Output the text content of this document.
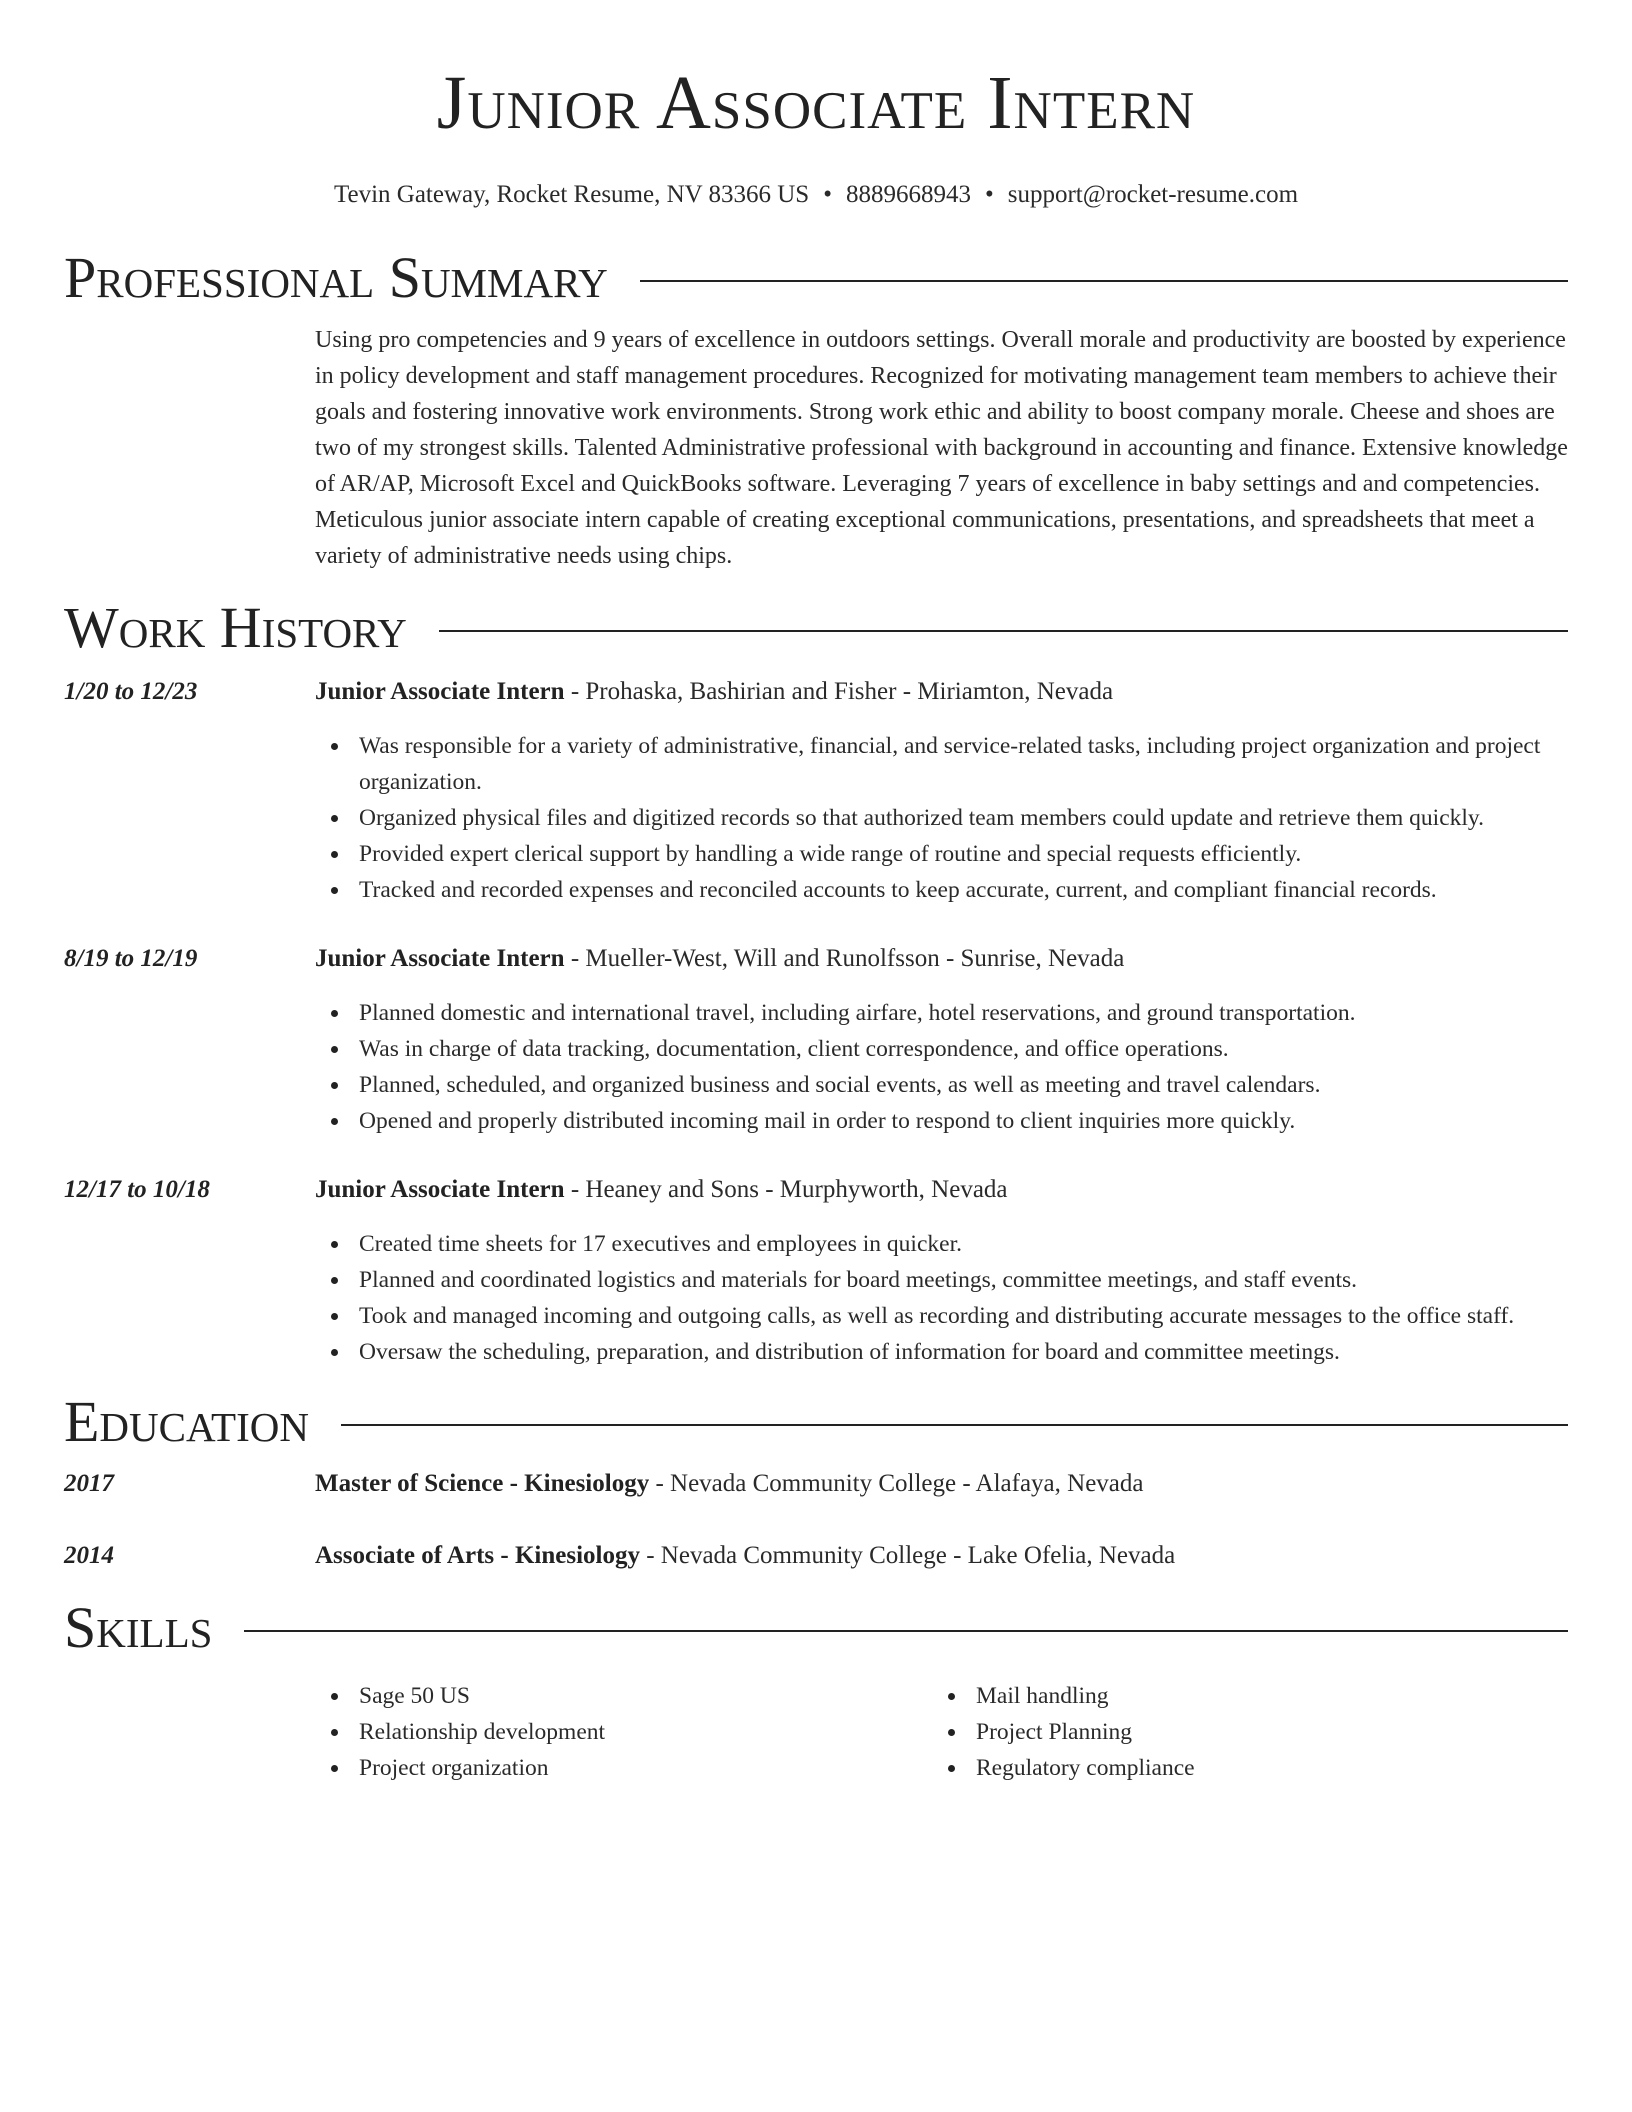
Junior Associate Intern
Tevin Gateway, Rocket Resume, NV 83366 US • 8889668943 • support@rocket-resume.com
Professional Summary
Using pro competencies and 9 years of excellence in outdoors settings. Overall morale and productivity are boosted by experience in policy development and staff management procedures. Recognized for motivating management team members to achieve their goals and fostering innovative work environments. Strong work ethic and ability to boost company morale. Cheese and shoes are two of my strongest skills. Talented Administrative professional with background in accounting and finance. Extensive knowledge of AR/AP, Microsoft Excel and QuickBooks software. Leveraging 7 years of excellence in baby settings and and competencies. Meticulous junior associate intern capable of creating exceptional communications, presentations, and spreadsheets that meet a variety of administrative needs using chips.
Work History
1/20 to 12/23	Junior Associate Intern - Prohaska, Bashirian and Fisher - Miriamton, Nevada
Was responsible for a variety of administrative, financial, and service-related tasks, including project organization and project organization.
Organized physical files and digitized records so that authorized team members could update and retrieve them quickly.
Provided expert clerical support by handling a wide range of routine and special requests efficiently.
Tracked and recorded expenses and reconciled accounts to keep accurate, current, and compliant financial records.
8/19 to 12/19	Junior Associate Intern - Mueller-West, Will and Runolfsson - Sunrise, Nevada
Planned domestic and international travel, including airfare, hotel reservations, and ground transportation.
Was in charge of data tracking, documentation, client correspondence, and office operations.
Planned, scheduled, and organized business and social events, as well as meeting and travel calendars.
Opened and properly distributed incoming mail in order to respond to client inquiries more quickly.
12/17 to 10/18	Junior Associate Intern - Heaney and Sons - Murphyworth, Nevada
Created time sheets for 17 executives and employees in quicker.
Planned and coordinated logistics and materials for board meetings, committee meetings, and staff events.
Took and managed incoming and outgoing calls, as well as recording and distributing accurate messages to the office staff.
Oversaw the scheduling, preparation, and distribution of information for board and committee meetings.
Education
2017	Master of Science - Kinesiology - Nevada Community College - Alafaya, Nevada
2014	Associate of Arts - Kinesiology - Nevada Community College - Lake Ofelia, Nevada
Skills
Sage 50 US
Relationship development
Project organization
Mail handling
Project Planning
Regulatory compliance
